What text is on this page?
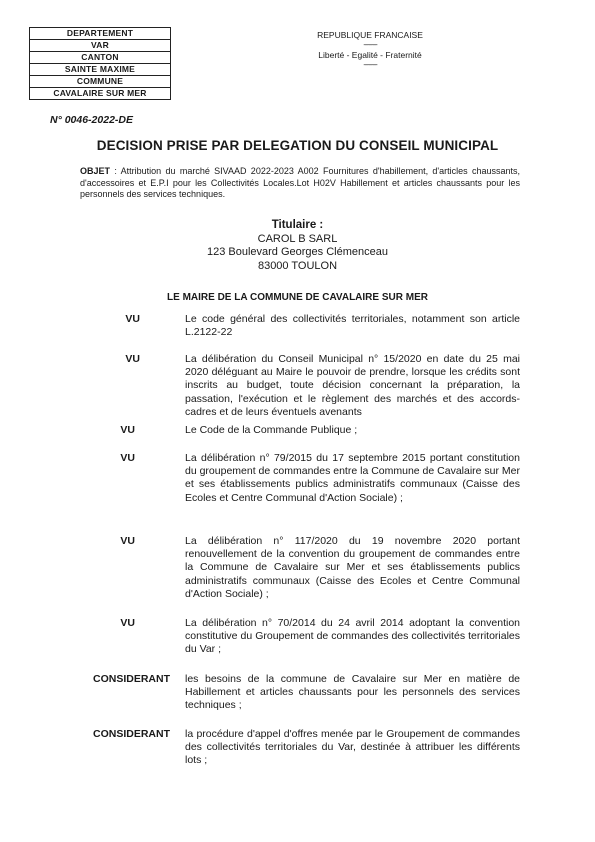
DEPARTEMENT
VAR
CANTON
SAINTE MAXIME
COMMUNE
CAVALAIRE SUR MER
REPUBLIQUE FRANCAISE
----------
Liberté - Egalité - Fraternité
----------
N° 0046-2022-DE
DECISION PRISE PAR DELEGATION DU CONSEIL MUNICIPAL
OBJET : Attribution du marché SIVAAD 2022-2023 A002 Fournitures d'habillement, d'articles chaussants, d'accessoires et E.P.I pour les Collectivités Locales.Lot H02V Habillement et articles chaussants pour les personnels des services techniques.
Titulaire :
CAROL B SARL
123 Boulevard Georges Clémenceau
83000 TOULON
LE MAIRE DE LA COMMUNE DE CAVALAIRE SUR MER
VU	Le code général des collectivités territoriales, notamment son article L.2122-22
VU	La délibération du Conseil Municipal n° 15/2020 en date du 25 mai 2020 déléguant au Maire le pouvoir de prendre, lorsque les crédits sont inscrits au budget, toute décision concernant la préparation, la passation, l'exécution et le règlement des marchés et des accords-cadres et de leurs éventuels avenants
VU	Le Code de la Commande Publique ;
VU	La délibération n° 79/2015 du 17 septembre 2015 portant constitution du groupement de commandes entre la Commune de Cavalaire sur Mer et ses établissements publics administratifs communaux (Caisse des Ecoles et Centre Communal d'Action Sociale) ;
VU	La délibération n° 117/2020 du 19 novembre 2020 portant renouvellement de la convention du groupement de commandes entre la Commune de Cavalaire sur Mer et ses établissements publics administratifs communaux (Caisse des Ecoles et Centre Communal d'Action Sociale) ;
VU	La délibération n° 70/2014 du 24 avril 2014 adoptant la convention constitutive du Groupement de commandes des collectivités territoriales du Var ;
CONSIDERANT les besoins de la commune de Cavalaire sur Mer en matière de Habillement et articles chaussants pour les personnels des services techniques ;
CONSIDERANT la procédure d'appel d'offres menée par le Groupement de commandes des collectivités territoriales du Var, destinée à attribuer les différents lots ;
